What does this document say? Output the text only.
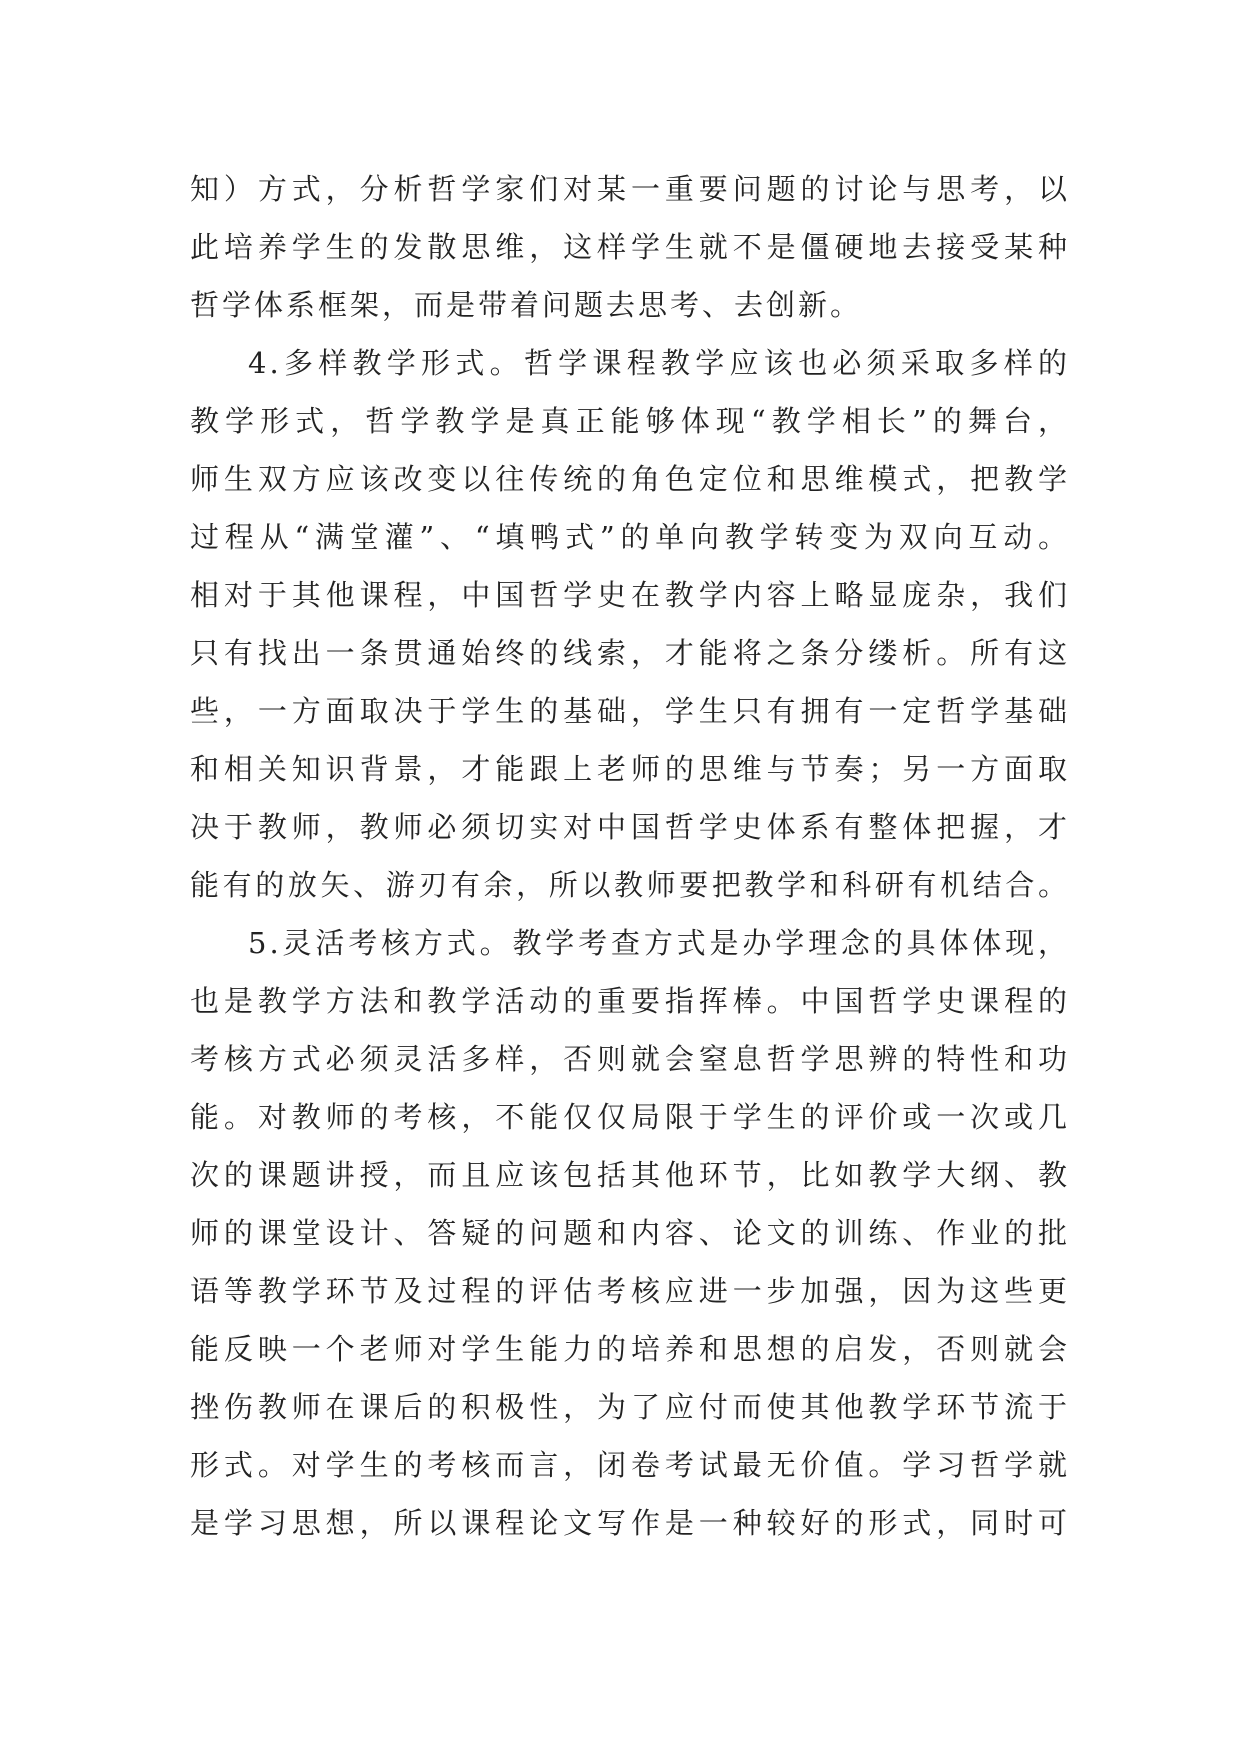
知）方式，分析哲学家们对某一重要问题的讨论与思考，以
此培养学生的发散思维，这样学生就不是僵硬地去接受某种
哲学体系框架，而是带着问题去思考、去创新。
4.多样教学形式。哲学课程教学应该也必须采取多样的
教学形式，哲学教学是真正能够体现“教学相长”的舞台，
师生双方应该改变以往传统的角色定位和思维模式，把教学
过程从“满堂灌”、“填鸭式”的单向教学转变为双向互动。
相对于其他课程，中国哲学史在教学内容上略显庞杂，我们
只有找出一条贯通始终的线索，才能将之条分缕析。所有这
些，一方面取决于学生的基础，学生只有拥有一定哲学基础
和相关知识背景，才能跟上老师的思维与节奏；另一方面取
决于教师，教师必须切实对中国哲学史体系有整体把握，才
能有的放矢、游刃有余，所以教师要把教学和科研有机结合。
5.灵活考核方式。教学考查方式是办学理念的具体体现，
也是教学方法和教学活动的重要指挥棒。中国哲学史课程的
考核方式必须灵活多样，否则就会窒息哲学思辨的特性和功
能。对教师的考核，不能仅仅局限于学生的评价或一次或几
次的课题讲授，而且应该包括其他环节，比如教学大纲、教
师的课堂设计、答疑的问题和内容、论文的训练、作业的批
语等教学环节及过程的评估考核应进一步加强，因为这些更
能反映一个老师对学生能力的培养和思想的启发，否则就会
挫伤教师在课后的积极性，为了应付而使其他教学环节流于
形式。对学生的考核而言，闭卷考试最无价值。学习哲学就
是学习思想，所以课程论文写作是一种较好的形式，同时可
